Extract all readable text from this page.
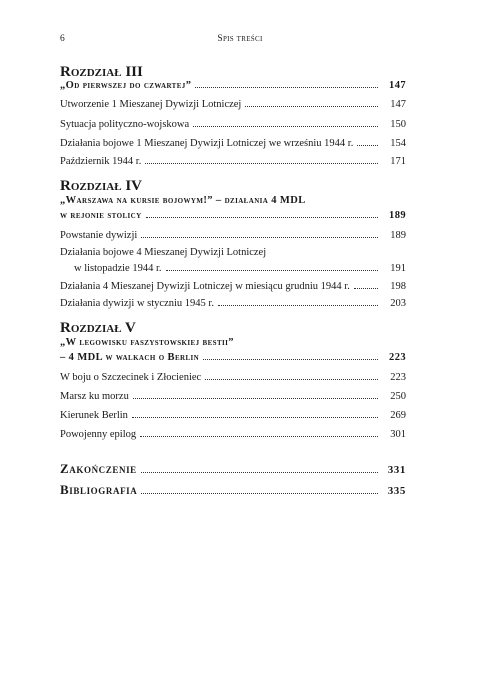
6	Spis treści
Rozdział III
„Od pierwszej do czwartej”	147
Utworzenie 1 Mieszanej Dywizji Lotniczej	147
Sytuacja polityczno-wojskowa	150
Działania bojowe 1 Mieszanej Dywizji Lotniczej we wrześniu 1944 r.	154
Październik 1944 r.	171
Rozdział IV
„Warszawa na kursie bojowym!” – działania 4 MDL
w rejonie stolicy	189
Powstanie dywizji	189
Działania bojowe 4 Mieszanej Dywizji Lotniczej
w listopadzie 1944 r.	191
Działania 4 Mieszanej Dywizji Lotniczej w miesiącu grudniu 1944 r.	198
Działania dywizji w styczniu 1945 r.	203
Rozdział V
„W legowisku faszystowskiej bestii”
– 4 MDL w walkach o Berlin	223
W boju o Szczecinek i Złocieniec	223
Marsz ku morzu	250
Kierunek Berlin	269
Powojenny epilog	301
Zakończenie	331
Bibliografia	335
